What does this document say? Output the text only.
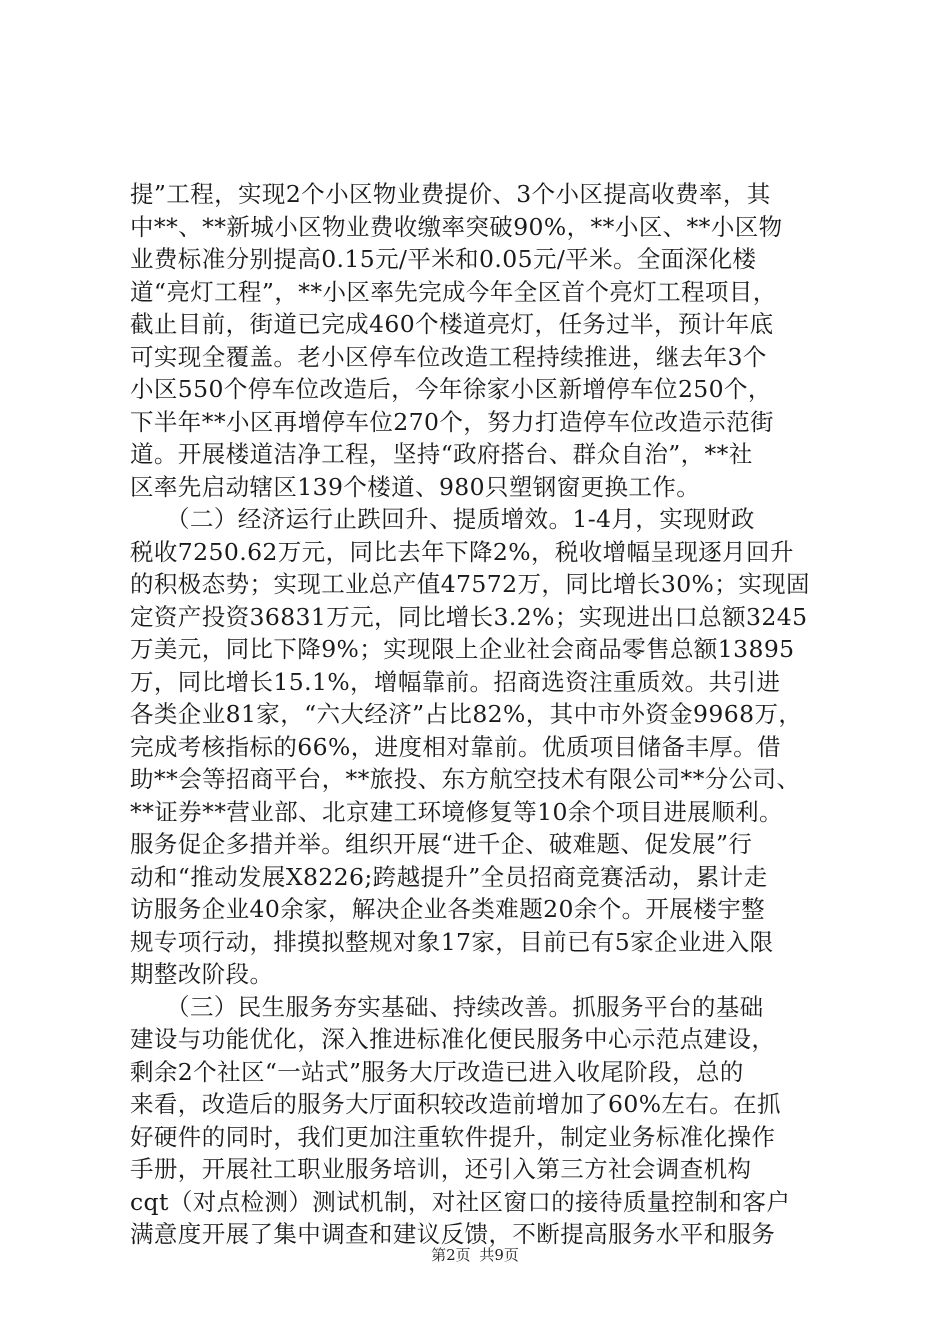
提”工程，实现2个小区物业费提价、3个小区提高收费率，其
中**、**新城小区物业费收缴率突破90%，**小区、**小区物
业费标准分别提高0.15元/平米和0.05元/平米。全面深化楼
道“亮灯工程”，**小区率先完成今年全区首个亮灯工程项目，
截止目前，街道已完成460个楼道亮灯，任务过半，预计年底
可实现全覆盖。老小区停车位改造工程持续推进，继去年3个
小区550个停车位改造后，今年徐家小区新增停车位250个，
下半年**小区再增停车位270个，努力打造停车位改造示范街
道。开展楼道洁净工程，坚持“政府搭台、群众自治”，**社
区率先启动辖区139个楼道、980只塑钢窗更换工作。
　　（二）经济运行止跌回升、提质增效。1-4月，实现财政
税收7250.62万元，同比去年下降2%，税收增幅呈现逐月回升
的积极态势；实现工业总产值47572万，同比增长30%；实现固
定资产投资36831万元，同比增长3.2%；实现进出口总额3245
万美元，同比下降9%；实现限上企业社会商品零售总额13895
万，同比增长15.1%，增幅靠前。招商选资注重质效。共引进
各类企业81家，“六大经济”占比82%，其中市外资金9968万，
完成考核指标的66%，进度相对靠前。优质项目储备丰厚。借
助**会等招商平台，**旅投、东方航空技术有限公司**分公司、
**证券**营业部、北京建工环境修复等10余个项目进展顺利。
服务促企多措并举。组织开展“进千企、破难题、促发展”行
动和“推动发展X8226;跨越提升”全员招商竞赛活动，累计走
访服务企业40余家，解决企业各类难题20余个。开展楼宇整
规专项行动，排摸拟整规对象17家，目前已有5家企业进入限
期整改阶段。
　　（三）民生服务夯实基础、持续改善。抓服务平台的基础
建设与功能优化，深入推进标准化便民服务中心示范点建设，
剩余2个社区“一站式”服务大厅改造已进入收尾阶段，总的
来看，改造后的服务大厅面积较改造前增加了60%左右。在抓
好硬件的同时，我们更加注重软件提升，制定业务标准化操作
手册，开展社工职业服务培训，还引入第三方社会调查机构
cqt（对点检测）测试机制，对社区窗口的接待质量控制和客户
满意度开展了集中调查和建议反馈，不断提高服务水平和服务
第2页 共9页
